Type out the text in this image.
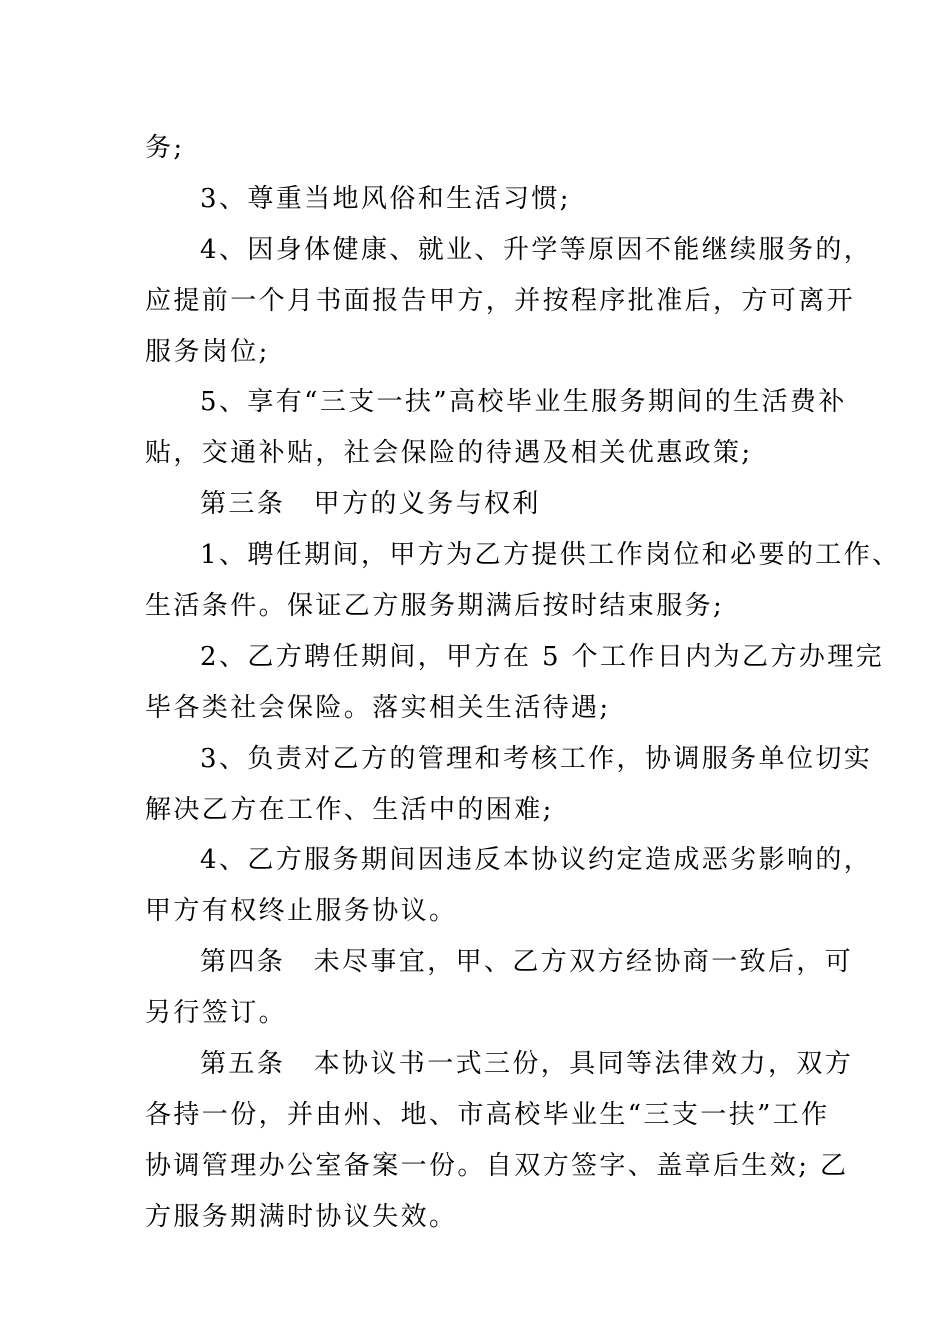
务;
3、尊重当地风俗和生活习惯;
4、因身体健康、就业、升学等原因不能继续服务的，
应提前一个月书面报告甲方，并按程序批准后，方可离开
服务岗位;
5、享有“三支一扶”高校毕业生服务期间的生活费补
贴，交通补贴，社会保险的待遇及相关优惠政策;
第三条　甲方的义务与权利
1、聘任期间，甲方为乙方提供工作岗位和必要的工作、
生活条件。保证乙方服务期满后按时结束服务;
2、乙方聘任期间，甲方在 5 个工作日内为乙方办理完
毕各类社会保险。落实相关生活待遇;
3、负责对乙方的管理和考核工作，协调服务单位切实
解决乙方在工作、生活中的困难;
4、乙方服务期间因违反本协议约定造成恶劣影响的，
甲方有权终止服务协议。
第四条　未尽事宜，甲、乙方双方经协商一致后，可
另行签订。
第五条　本协议书一式三份，具同等法律效力，双方
各持一份，并由州、地、市高校毕业生“三支一扶”工作
协调管理办公室备案一份。自双方签字、盖章后生效; 乙
方服务期满时协议失效。
